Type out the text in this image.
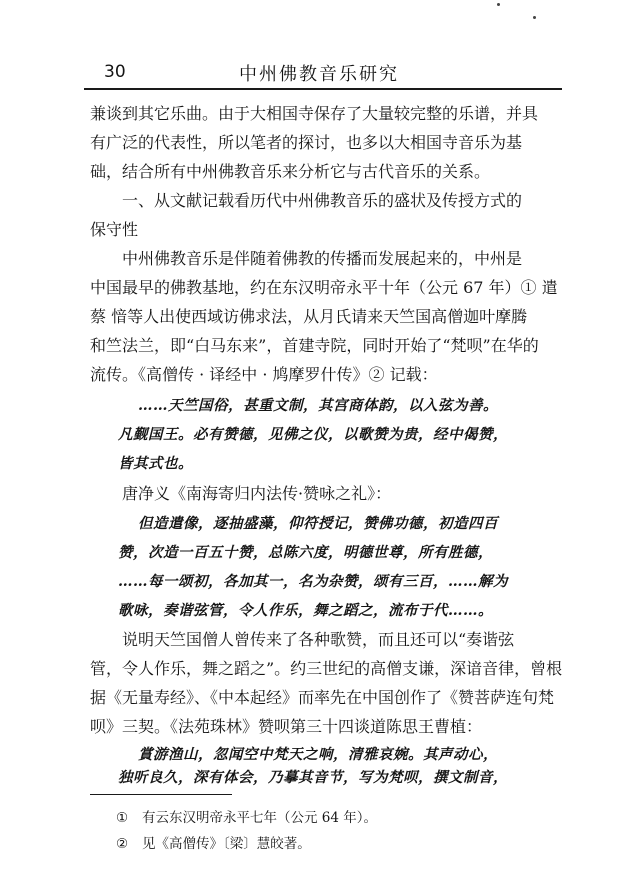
30	中州佛教音乐研究
兼谈到其它乐曲。由于大相国寺保存了大量较完整的乐谱，并具
有广泛的代表性，所以笔者的探讨，也多以大相国寺音乐为基
础，结合所有中州佛教音乐来分析它与古代音乐的关系。
　　一、从文献记载看历代中州佛教音乐的盛状及传授方式的
保守性
　　中州佛教音乐是伴随着佛教的传播而发展起来的，中州是
中国最早的佛教基地，约在东汉明帝永平十年（公元 67 年）① 遣
蔡 愔等人出使西域访佛求法，从月氏请来天竺国高僧迦叶摩腾
和竺法兰，即“白马东来”，首建寺院，同时开始了“梵呗”在华的
流传。《高僧传 · 译经中 · 鸠摩罗什传》② 记载：
……天竺国俗，甚重文制，其宫商体韵，以入弦为善。
凡觐国王。必有赞德，见佛之仪，以歌赞为贵，经中偈赞，
皆其式也。
唐净义《南海寄归内法传·赞咏之礼》：
但造遣像，逐抽盛藻，仰符授记，赞佛功德，初造四百
赞，次造一百五十赞，总陈六度，明德世尊，所有胜德，
……每一颂初，各加其一，名为杂赞，颂有三百，……解为
歌咏，奏谐弦管，令人作乐，舞之蹈之，流布于代……。
　　说明天竺国僧人曾传来了各种歌赞，而且还可以“奏谐弦
管，令人作乐，舞之蹈之”。约三世纪的高僧支谦，深谙音律，曾根
据《无量寿经》、《中本起经》而率先在中国创作了《赞菩萨连句梵
呗》三契。《法苑珠林》赞呗第三十四谈道陈思王曹植：
賞游渔山，忽闻空中梵天之响，清雅哀婉。其声动心，
独听良久，深有体会，乃摹其音节，写为梵呗，撰文制音，
① 有云东汉明帝永平七年（公元 64 年）。
② 见《高僧传》〔梁〕慧皎著。
